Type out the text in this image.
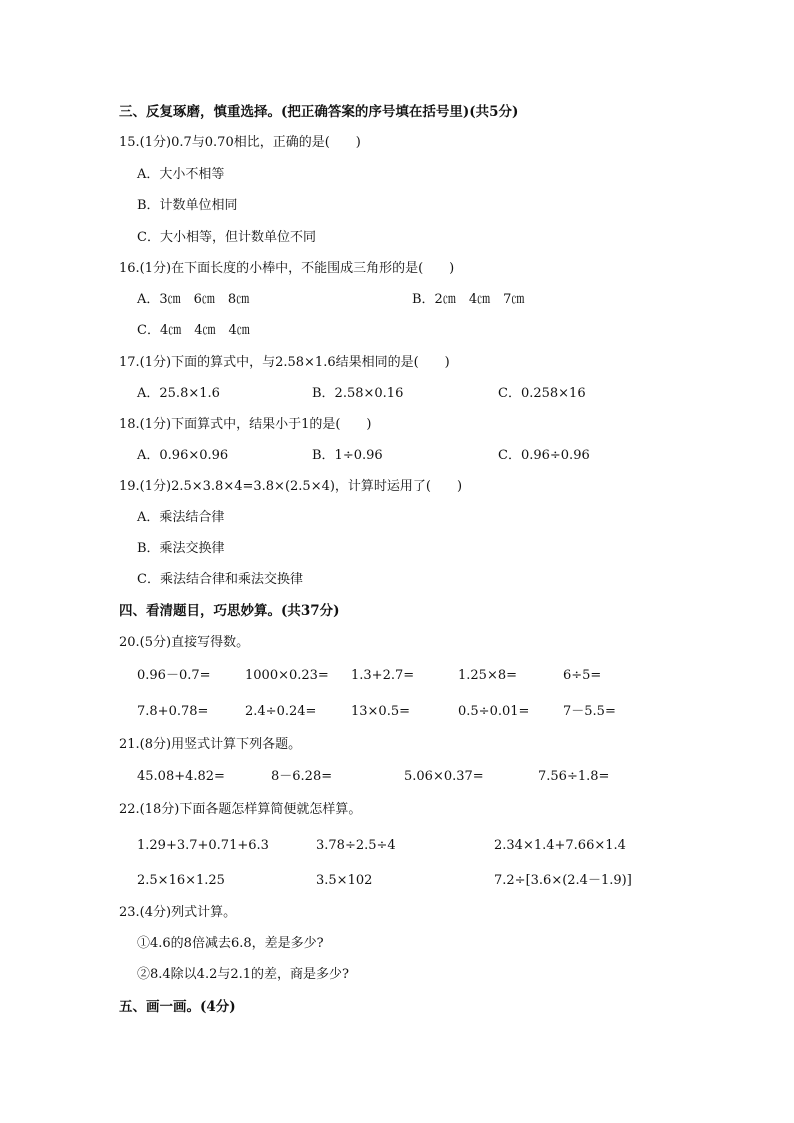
三、反复琢磨，慎重选择。(把正确答案的序号填在括号里)(共5分)
15.(1分)0.7与0.70相比，正确的是(　　)
A．大小不相等
B．计数单位相同
C．大小相等，但计数单位不同
16.(1分)在下面长度的小棒中，不能围成三角形的是(　　)
A．3㎝　6㎝　8㎝	B．2㎝　4㎝　7㎝
C．4㎝　4㎝　4㎝
17.(1分)下面的算式中，与2.58×1.6结果相同的是(　　)
A．25.8×1.6	B．2.58×0.16	C．0.258×16
18.(1分)下面算式中，结果小于1的是(　　)
A．0.96×0.96	B．1÷0.96	C．0.96÷0.96
19.(1分)2.5×3.8×4=3.8×(2.5×4)，计算时运用了(　　)
A．乘法结合律
B．乘法交换律
C．乘法结合律和乘法交换律
四、看清题目，巧思妙算。(共37分)
20.(5分)直接写得数。
0.96－0.7=	1000×0.23= 1.3+2.7=	1.25×8=	6÷5=
7.8+0.78=	2.4÷0.24=	13×0.5=	0.5÷0.01=	7－5.5=
21.(8分)用竖式计算下列各题。
45.08+4.82=	8－6.28=	5.06×0.37=	7.56÷1.8=
22.(18分)下面各题怎样算简便就怎样算。
1.29+3.7+0.71+6.3	3.78÷2.5÷4	2.34×1.4+7.66×1.4
2.5×16×1.25	3.5×102	7.2÷[3.6×(2.4－1.9)]
23.(4分)列式计算。
①4.6的8倍减去6.8，差是多少?
②8.4除以4.2与2.1的差，商是多少?
五、画一画。(4分)
